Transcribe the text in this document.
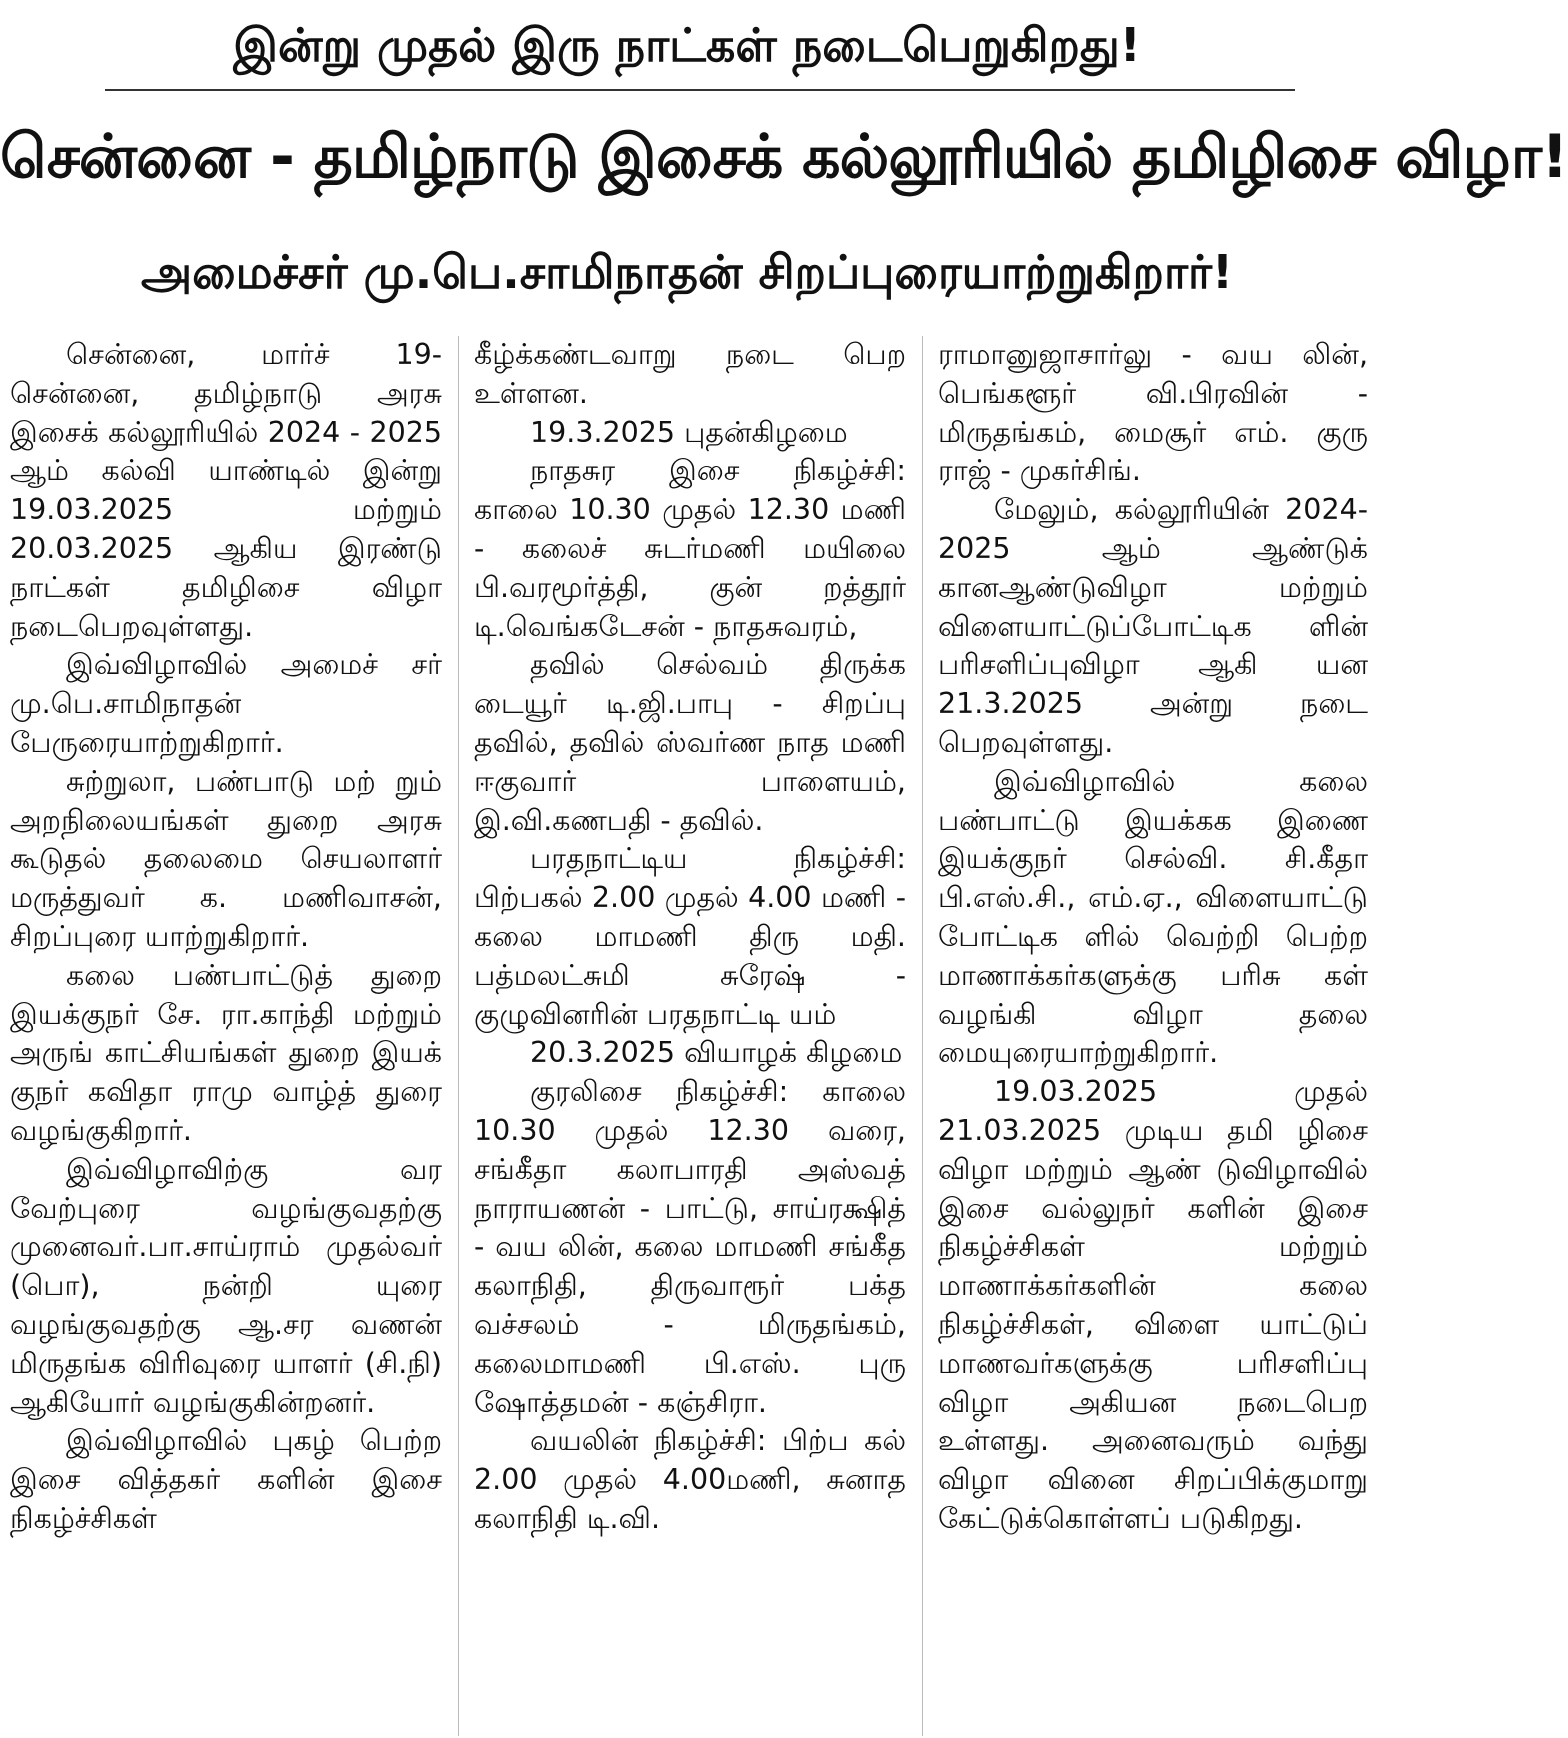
இன்று முதல் இரு நாட்கள் நடைபெறுகிறது!
சென்னை - தமிழ்நாடு இசைக் கல்லூரியில் தமிழிசை விழா!
அமைச்சர் மு.பெ.சாமிநாதன் சிறப்புரையாற்றுகிறார்!

சென்னை, மார்ச் 19- சென்னை, தமிழ்நாடு அரசு இசைக் கல்லூரியில் 2024 - 2025 ஆம் கல்வி யாண்டில் இன்று 19.03.2025 மற்றும் 20.03.2025 ஆகிய இரண்டு நாட்கள் தமிழிசை விழா நடைபெறவுள்ளது.

இவ்விழாவில் அமைச் சர் மு.பெ.சாமிநாதன் பேருரையாற்றுகிறார்.

சுற்றுலா, பண்பாடு மற் றும் அறநிலையங்கள் துறை அரசு கூடுதல் தலைமை செயலாளர் மருத்துவர் க. மணிவாசன், சிறப்புரை யாற்றுகிறார்.

கலை பண்பாட்டுத் துறை இயக்குநர் சே. ரா.காந்தி மற்றும் அருங் காட்சியங்கள் துறை இயக் குநர் கவிதா ராமு வாழ்த் துரை வழங்குகிறார்.

இவ்விழாவிற்கு வர வேற்புரை வழங்குவதற்கு முனைவர்.பா.சாய்ராம் முதல்வர் (பொ), நன்றி யுரை வழங்குவதற்கு ஆ.சர வணன் மிருதங்க விரிவுரை யாளர் (சி.நி) ஆகியோர் வழங்குகின்றனர்.

இவ்விழாவில் புகழ் பெற்ற இசை வித்தகர் களின் இசை நிகழ்ச்சிகள்

கீழ்க்கண்டவாறு நடை பெற உள்ளன.

19.3.2025 புதன்கிழமை

நாதசுர இசை நிகழ்ச்சி: காலை 10.30 முதல் 12.30 மணி - கலைச் சுடர்மணி மயிலை பி.வரமூர்த்தி, குன் றத்தூர் டி.வெங்கடேசன் - நாதசுவரம்,

தவில் செல்வம் திருக்க டையூர் டி.ஜி.பாபு - சிறப்பு தவில், தவில் ஸ்வர்ண நாத மணி ஈகுவார் பாளையம், இ.வி.கணபதி - தவில்.

பரதநாட்டிய நிகழ்ச்சி: பிற்பகல் 2.00 முதல் 4.00 மணி - கலை மாமணி திரு மதி. பத்மலட்சுமி சுரேஷ் - குழுவினரின் பரதநாட்டி யம்

20.3.2025 வியாழக் கிழமை

குரலிசை நிகழ்ச்சி: காலை 10.30 முதல் 12.30 வரை, சங்கீதா கலாபாரதி அஸ்வத் நாராயணன் - பாட்டு, சாய்ரக்ஷித் - வய லின், கலை மாமணி சங்கீத கலாநிதி, திருவாரூர் பக்த வச்சலம் - மிருதங்கம், கலைமாமணி பி.எஸ். புரு ஷோத்தமன் - கஞ்சிரா.

வயலின் நிகழ்ச்சி: பிற்ப கல் 2.00 முதல் 4.00மணி, சுனாத கலாநிதி டி.வி.

ராமானுஜாசார்லு - வய லின், பெங்களூர் வி.பிரவின் - மிருதங்கம், மைசூர் எம். குரு ராஜ் - முகர்சிங்.

மேலும், கல்லூரியின் 2024-2025 ஆம் ஆண்டுக் கானஆண்டுவிழா மற்றும் விளையாட்டுப்போட்டிக ளின் பரிசளிப்புவிழா ஆகி யன 21.3.2025 அன்று நடை பெறவுள்ளது.

இவ்விழாவில் கலை பண்பாட்டு இயக்கக இணை இயக்குநர் செல்வி. சி.கீதா பி.எஸ்.சி., எம்.ஏ., விளையாட்டு போட்டிக ளில் வெற்றி பெற்ற மாணாக்கர்களுக்கு பரிசு கள் வழங்கி விழா தலை மையுரையாற்றுகிறார்.

19.03.2025 முதல் 21.03.2025 முடிய தமி ழிசை விழா மற்றும் ஆண் டுவிழாவில் இசை வல்லுநர் களின் இசை நிகழ்ச்சிகள் மற்றும் மாணாக்கர்களின் கலை நிகழ்ச்சிகள், விளை யாட்டுப் மாணவர்களுக்கு பரிசளிப்பு விழா அகியன நடைபெற உள்ளது. அனைவரும் வந்து விழா வினை சிறப்பிக்குமாறு கேட்டுக்கொள்ளப் படுகிறது.
